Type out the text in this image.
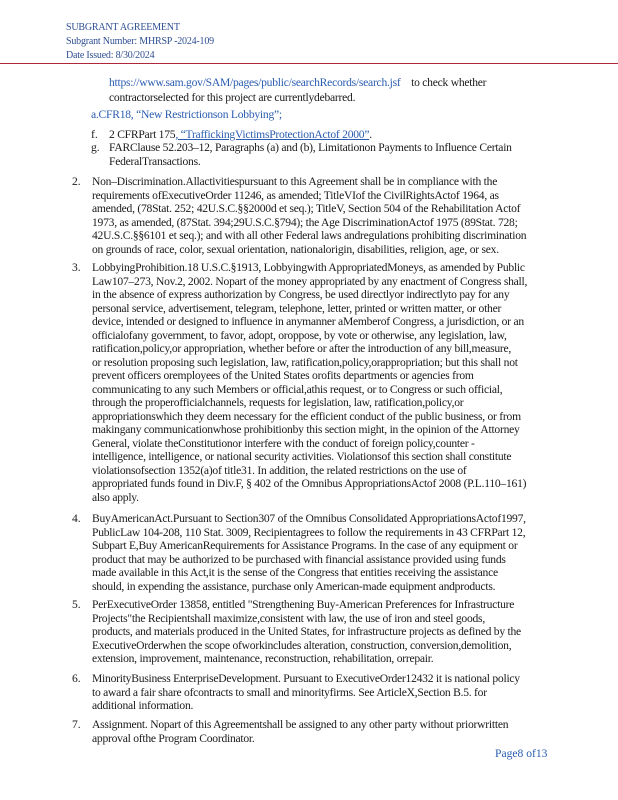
SUBGRANT AGREEMENT
Subgrant Number: MHRSP -2024-109
Date Issued: 8/30/2024
https://www.sam.gov/SAM/pages/public/searchRecords/search.jsf to check whether
contractorselected for this project are currentlydebarred.
a.CFR18, “New Restrictionson Lobbying”;
f. 2 CFRPart 175, “TraffickingVictimsProtectionActof 2000”.
g. FARClause 52.203–12, Paragraphs (a) and (b), Limitationon Payments to Influence Certain
FederalTransactions.
2. Non–Discrimination.Allactivitiespursuant to this Agreement shall be in compliance with the
requirements ofExecutiveOrder 11246, as amended; TitleVIof the CivilRightsActof 1964, as
amended, (78Stat. 252; 42U.S.C.§§2000d et seq.); TitleV, Section 504 of the Rehabilitation Actof
1973, as amended, (87Stat. 394;29U.S.C.§794); the Age DiscriminationActof 1975 (89Stat. 728;
42U.S.C.§§6101 et seq.); and with all other Federal laws andregulations prohibiting discrimination
on grounds of race, color, sexual orientation, nationalorigin, disabilities, religion, age, or sex.
3. LobbyingProhibition.18 U.S.C.§1913, Lobbyingwith AppropriatedMoneys, as amended by Public
Law107–273, Nov.2, 2002. Nopart of the money appropriated by any enactment of Congress shall,
in the absence of express authorization by Congress, be used directlyor indirectlyto pay for any
personal service, advertisement, telegram, telephone, letter, printed or written matter, or other
device, intended or designed to influence in anymanner aMemberof Congress, a jurisdiction, or an
officialofany government, to favor, adopt, oroppose, by vote or otherwise, any legislation, law,
ratification,policy,or appropriation, whether before or after the introduction of any bill,measure,
or resolution proposing such legislation, law, ratification,policy,orappropriation; but this shall not
prevent officers oremployees of the United States orofits departments or agencies from
communicating to any such Members or official,athis request, or to Congress or such official,
through the properofficialchannels, requests for legislation, law, ratification,policy,or
appropriationswhich they deem necessary for the efficient conduct of the public business, or from
makingany communicationwhose prohibitionby this section might, in the opinion of the Attorney
General, violate theConstitutionor interfere with the conduct of foreign policy,counter -
intelligence, intelligence, or national security activities. Violationsof this section shall constitute
violationsofsection 1352(a)of title31. In addition, the related restrictions on the use of
appropriated funds found in Div.F, § 402 of the Omnibus AppropriationsActof 2008 (P.L.110–161)
also apply.
4. BuyAmericanAct.Pursuant to Section307 of the Omnibus Consolidated AppropriationsActof1997,
PublicLaw 104-208, 110 Stat. 3009, Recipientagrees to follow the requirements in 43 CFRPart 12,
Subpart E,Buy AmericanRequirements for Assistance Programs. In the case of any equipment or
product that may be authorized to be purchased with financial assistance provided using funds
made available in this Act,it is the sense of the Congress that entities receiving the assistance
should, in expending the assistance, purchase only American-made equipment andproducts.
5. PerExecutiveOrder 13858, entitled "Strengthening Buy-American Preferences for Infrastructure
Projects"the Recipientshall maximize,consistent with law, the use of iron and steel goods,
products, and materials produced in the United States, for infrastructure projects as defined by the
ExecutiveOrderwhen the scope ofworkincludes alteration, construction, conversion,demolition,
extension, improvement, maintenance, reconstruction, rehabilitation, orrepair.
6. MinorityBusiness EnterpriseDevelopment. Pursuant to ExecutiveOrder12432 it is national policy
to award a fair share ofcontracts to small and minorityfirms. See ArticleX,Section B.5. for
additional information.
7. Assignment. Nopart of this Agreementshall be assigned to any other party without priorwritten
approval ofthe Program Coordinator.
Page8 of13
